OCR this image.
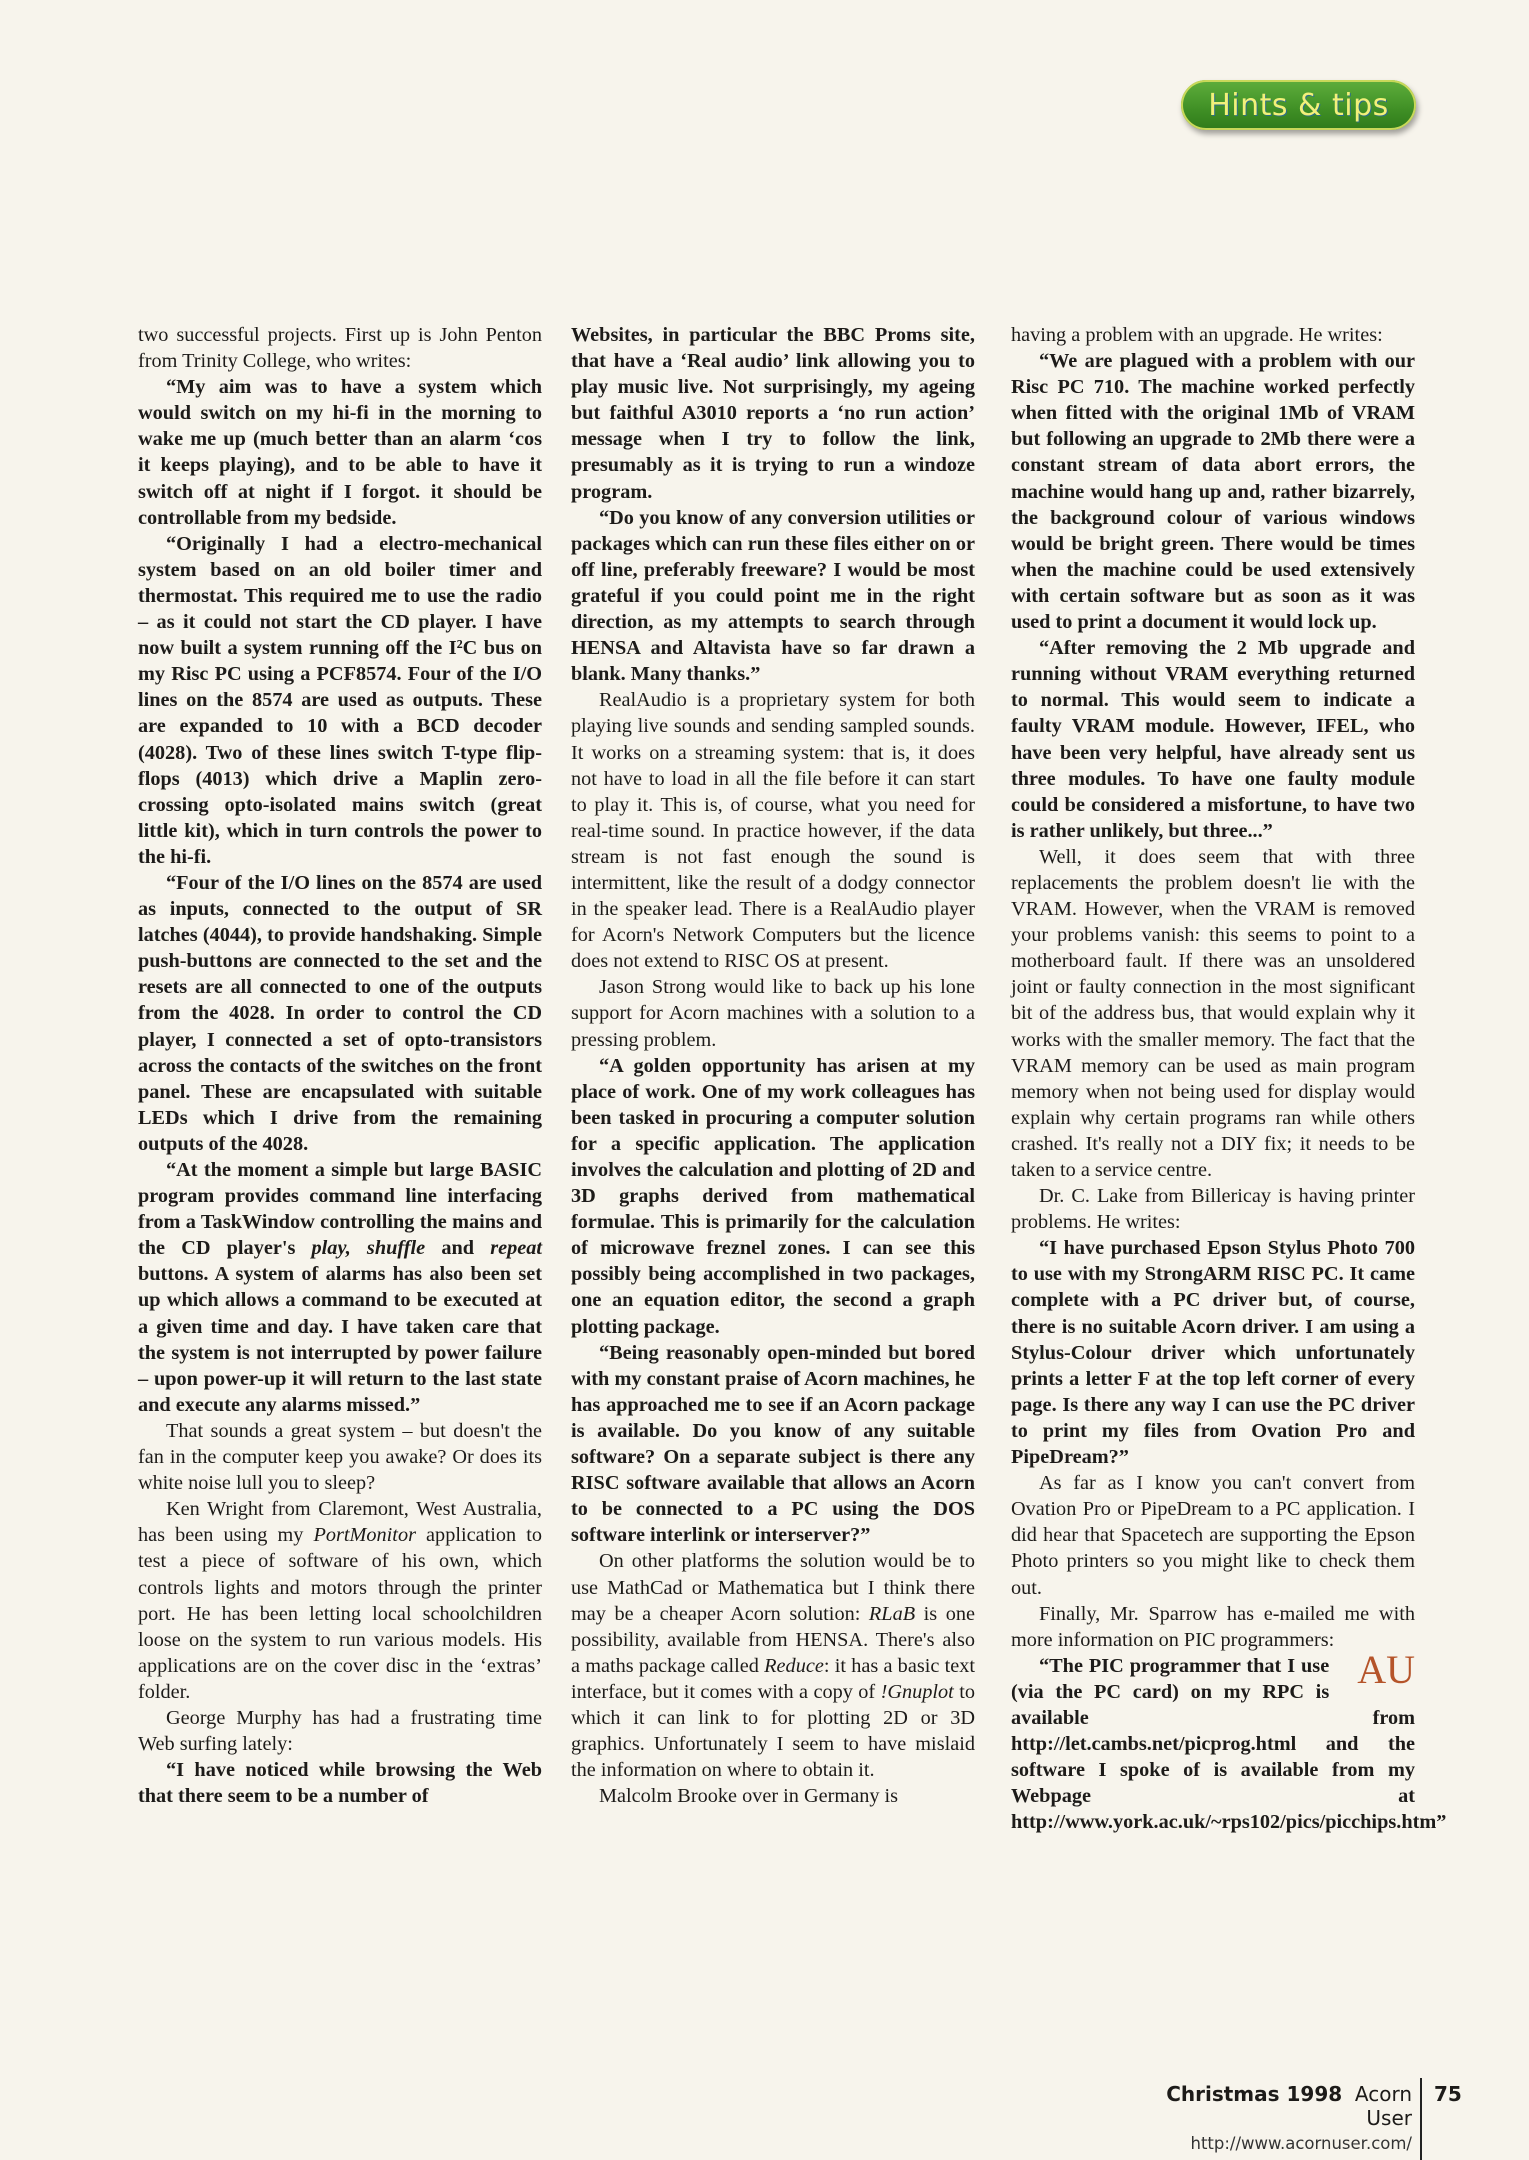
Hints & tips

two successful projects. First up is John Penton from Trinity College, who writes:

“My aim was to have a system which would switch on my hi-fi in the morning to wake me up (much better than an alarm ‘cos it keeps playing), and to be able to have it switch off at night if I forgot. it should be controllable from my bedside.

“Originally I had a electro-mechanical system based on an old boiler timer and thermostat. This required me to use the radio – as it could not start the CD player. I have now built a system running off the I²C bus on my Risc PC using a PCF8574. Four of the I/O lines on the 8574 are used as outputs. These are expanded to 10 with a BCD decoder (4028). Two of these lines switch T-type flip-flops (4013) which drive a Maplin zero-crossing opto-isolated mains switch (great little kit), which in turn controls the power to the hi-fi.

“Four of the I/O lines on the 8574 are used as inputs, connected to the output of SR latches (4044), to provide handshaking. Simple push-buttons are connected to the set and the resets are all connected to one of the outputs from the 4028. In order to control the CD player, I connected a set of opto-transistors across the contacts of the switches on the front panel. These are encapsulated with suitable LEDs which I drive from the remaining outputs of the 4028.

“At the moment a simple but large BASIC program provides command line interfacing from a TaskWindow controlling the mains and the CD player's play, shuffle and repeat buttons. A system of alarms has also been set up which allows a command to be executed at a given time and day. I have taken care that the system is not interrupted by power failure – upon power-up it will return to the last state and execute any alarms missed.”

That sounds a great system – but doesn't the fan in the computer keep you awake? Or does its white noise lull you to sleep?

Ken Wright from Claremont, West Australia, has been using my PortMonitor application to test a piece of software of his own, which controls lights and motors through the printer port. He has been letting local schoolchildren loose on the system to run various models. His applications are on the cover disc in the ‘extras’ folder.

George Murphy has had a frustrating time Web surfing lately:

“I have noticed while browsing the Web that there seem to be a number of

Websites, in particular the BBC Proms site, that have a ‘Real audio’ link allowing you to play music live. Not surprisingly, my ageing but faithful A3010 reports a ‘no run action’ message when I try to follow the link, presumably as it is trying to run a windoze program.

“Do you know of any conversion utilities or packages which can run these files either on or off line, preferably freeware? I would be most grateful if you could point me in the right direction, as my attempts to search through HENSA and Altavista have so far drawn a blank. Many thanks.”

RealAudio is a proprietary system for both playing live sounds and sending sampled sounds. It works on a streaming system: that is, it does not have to load in all the file before it can start to play it. This is, of course, what you need for real-time sound. In practice however, if the data stream is not fast enough the sound is intermittent, like the result of a dodgy connector in the speaker lead. There is a RealAudio player for Acorn's Network Computers but the licence does not extend to RISC OS at present.

Jason Strong would like to back up his lone support for Acorn machines with a solution to a pressing problem.

“A golden opportunity has arisen at my place of work. One of my work colleagues has been tasked in procuring a computer solution for a specific application. The application involves the calculation and plotting of 2D and 3D graphs derived from mathematical formulae. This is primarily for the calculation of microwave freznel zones. I can see this possibly being accomplished in two packages, one an equation editor, the second a graph plotting package.

“Being reasonably open-minded but bored with my constant praise of Acorn machines, he has approached me to see if an Acorn package is available. Do you know of any suitable software? On a separate subject is there any RISC software available that allows an Acorn to be connected to a PC using the DOS software interlink or interserver?”

On other platforms the solution would be to use MathCad or Mathematica but I think there may be a cheaper Acorn solution: RLaB is one possibility, available from HENSA. There's also a maths package called Reduce: it has a basic text interface, but it comes with a copy of !Gnuplot to which it can link to for plotting 2D or 3D graphics. Unfortunately I seem to have mislaid the information on where to obtain it.

Malcolm Brooke over in Germany is

having a problem with an upgrade. He writes:

“We are plagued with a problem with our Risc PC 710. The machine worked perfectly when fitted with the original 1Mb of VRAM but following an upgrade to 2Mb there were a constant stream of data abort errors, the machine would hang up and, rather bizarrely, the background colour of various windows would be bright green. There would be times when the machine could be used extensively with certain software but as soon as it was used to print a document it would lock up.

“After removing the 2 Mb upgrade and running without VRAM everything returned to normal. This would seem to indicate a faulty VRAM module. However, IFEL, who have been very helpful, have already sent us three modules. To have one faulty module could be considered a misfortune, to have two is rather unlikely, but three...”

Well, it does seem that with three replacements the problem doesn't lie with the VRAM. However, when the VRAM is removed your problems vanish: this seems to point to a motherboard fault. If there was an unsoldered joint or faulty connection in the most significant bit of the address bus, that would explain why it works with the smaller memory. The fact that the VRAM memory can be used as main program memory when not being used for display would explain why certain programs ran while others crashed. It's really not a DIY fix; it needs to be taken to a service centre.

Dr. C. Lake from Billericay is having printer problems. He writes:

“I have purchased Epson Stylus Photo 700 to use with my StrongARM RISC PC. It came complete with a PC driver but, of course, there is no suitable Acorn driver. I am using a Stylus-Colour driver which unfortunately prints a letter F at the top left corner of every page. Is there any way I can use the PC driver to print my files from Ovation Pro and PipeDream?”

As far as I know you can't convert from Ovation Pro or PipeDream to a PC application. I did hear that Spacetech are supporting the Epson Photo printers so you might like to check them out.

Finally, Mr. Sparrow has e-mailed me with more information on PIC programmers:

AU
“The PIC programmer that I use (via the PC card) on my RPC is available from http://let.cambs.net/picprog.html and the software I spoke of is available from my Webpage at http://www.york.ac.uk/~rps102/pics/picchips.htm”

Christmas 1998 Acorn User
http://www.acornuser.com/
75
